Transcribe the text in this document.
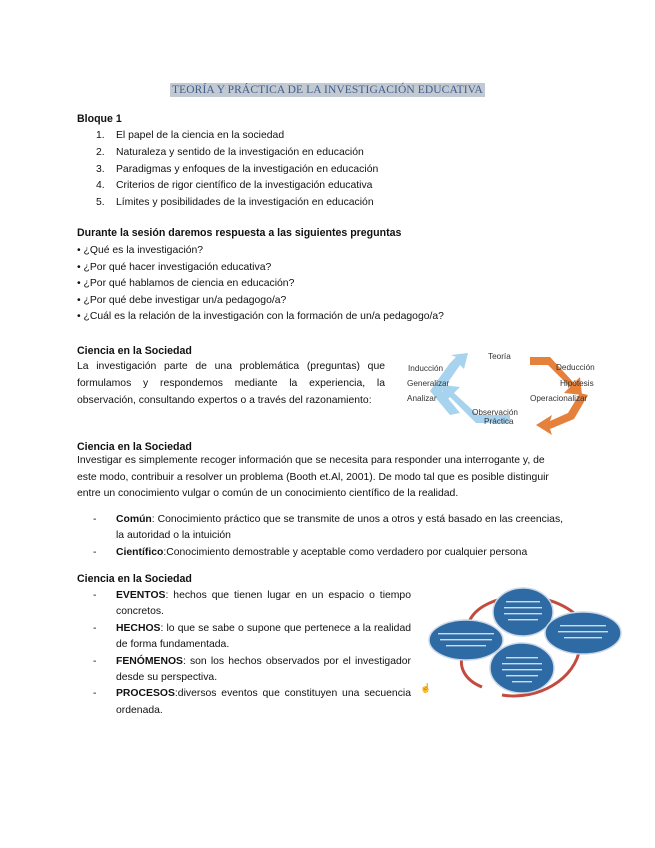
TEORÍA Y PRÁCTICA DE LA INVESTIGACIÓN EDUCATIVA
Bloque 1
1. El papel de la ciencia en la sociedad
2. Naturaleza y sentido de la investigación en educación
3. Paradigmas y enfoques de la investigación en educación
4. Criterios de rigor científico de la investigación educativa
5. Límites y posibilidades de la investigación en educación
Durante la sesión daremos respuesta a las siguientes preguntas
• ¿Qué es la investigación?
• ¿Por qué hacer investigación educativa?
• ¿Por qué hablamos de ciencia en educación?
• ¿Por qué debe investigar un/a pedagogo/a?
• ¿Cuál es la relación de la investigación con la formación de un/a pedagogo/a?
Ciencia en la Sociedad
La investigación parte de una problemática (preguntas) que
formulamos y respondemos mediante la experiencia, la
observación, consultando expertos o a través del razonamiento:
Teoría
Deducción
Hipótesis
Operacionalizar
Observación
Práctica
Analizar
Generalizar
Inducción
Ciencia en la Sociedad
Investigar es simplemente recoger información que se necesita para responder una interrogante y, de
este modo, contribuir a resolver un problema (Booth et.Al, 2001). De modo tal que es posible distinguir
entre un conocimiento vulgar o común de un conocimiento científico de la realidad.
- Común: Conocimiento práctico que se transmite de unos a otros y está basado en las creencias,
la autoridad o la intuición
- Científico:Conocimiento demostrable y aceptable como verdadero por cualquier persona
Ciencia en la Sociedad
- EVENTOS: hechos que tienen lugar en un espacio o tiempo
concretos.
- HECHOS: lo que se sabe o supone que pertenece a la realidad
de forma fundamentada.
- FENÓMENOS: son los hechos observados por el investigador
desde su perspectiva.
- PROCESOS:diversos eventos que constituyen una secuencia
ordenada.
☝
